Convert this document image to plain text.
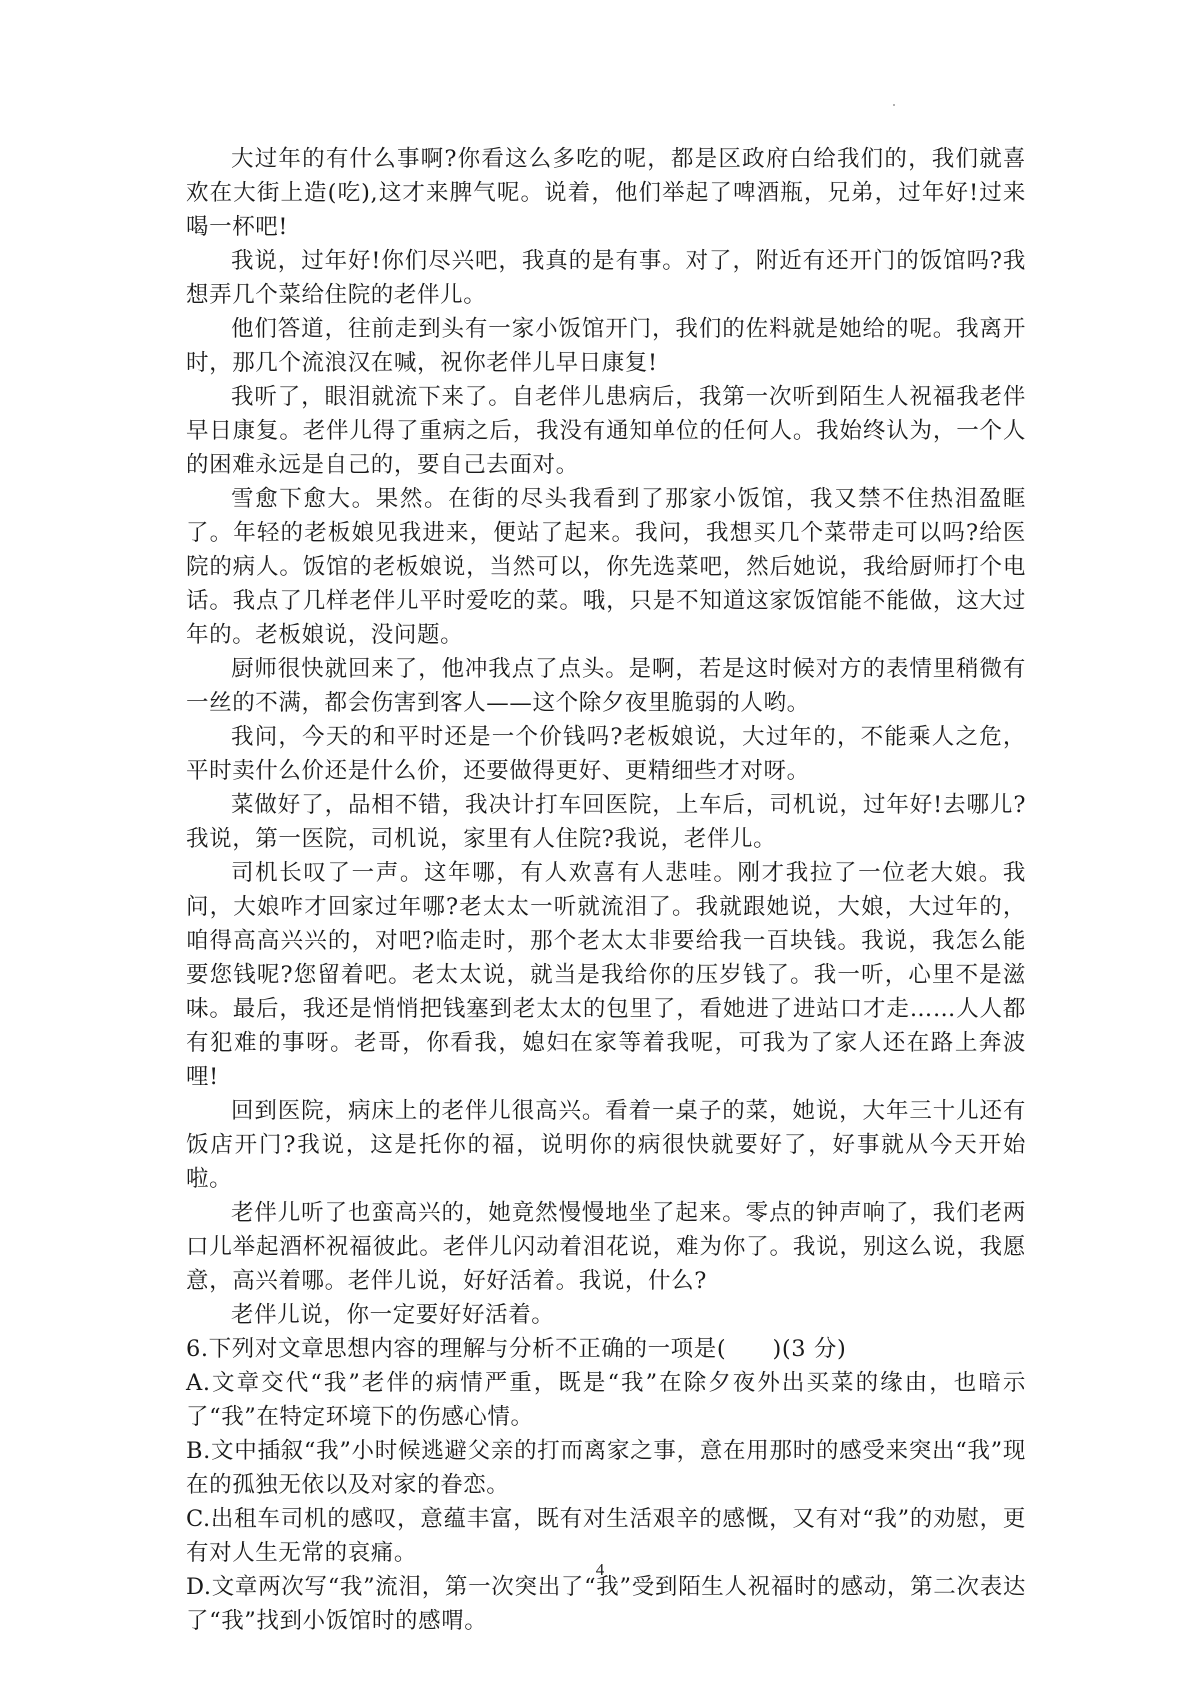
大过年的有什么事啊?你看这么多吃的呢，都是区政府白给我们的，我们就喜欢在大街上造(吃),这才来脾气呢。说着，他们举起了啤酒瓶，兄弟，过年好!过来喝一杯吧!

我说，过年好!你们尽兴吧，我真的是有事。对了，附近有还开门的饭馆吗?我想弄几个菜给住院的老伴儿。

他们答道，往前走到头有一家小饭馆开门，我们的佐料就是她给的呢。我离开时，那几个流浪汉在喊，祝你老伴儿早日康复!

我听了，眼泪就流下来了。自老伴儿患病后，我第一次听到陌生人祝福我老伴早日康复。老伴儿得了重病之后，我没有通知单位的任何人。我始终认为，一个人的困难永远是自己的，要自己去面对。

雪愈下愈大。果然。在街的尽头我看到了那家小饭馆，我又禁不住热泪盈眶了。年轻的老板娘见我进来，便站了起来。我问，我想买几个菜带走可以吗?给医院的病人。饭馆的老板娘说，当然可以，你先选菜吧，然后她说，我给厨师打个电话。我点了几样老伴儿平时爱吃的菜。哦，只是不知道这家饭馆能不能做，这大过年的。老板娘说，没问题。

厨师很快就回来了，他冲我点了点头。是啊，若是这时候对方的表情里稍微有一丝的不满，都会伤害到客人——这个除夕夜里脆弱的人哟。

我问，今天的和平时还是一个价钱吗?老板娘说，大过年的，不能乘人之危，平时卖什么价还是什么价，还要做得更好、更精细些才对呀。

菜做好了，品相不错，我决计打车回医院，上车后，司机说，过年好!去哪儿?我说，第一医院，司机说，家里有人住院?我说，老伴儿。

司机长叹了一声。这年哪，有人欢喜有人悲哇。刚才我拉了一位老大娘。我问，大娘咋才回家过年哪?老太太一听就流泪了。我就跟她说，大娘，大过年的，咱得高高兴兴的，对吧?临走时，那个老太太非要给我一百块钱。我说，我怎么能要您钱呢?您留着吧。老太太说，就当是我给你的压岁钱了。我一听，心里不是滋味。最后，我还是悄悄把钱塞到老太太的包里了，看她进了进站口才走……人人都有犯难的事呀。老哥，你看我，媳妇在家等着我呢，可我为了家人还在路上奔波哩!

回到医院，病床上的老伴儿很高兴。看着一桌子的菜，她说，大年三十儿还有饭店开门?我说，这是托你的福，说明你的病很快就要好了，好事就从今天开始啦。

老伴儿听了也蛮高兴的，她竟然慢慢地坐了起来。零点的钟声响了，我们老两口儿举起酒杯祝福彼此。老伴儿闪动着泪花说，难为你了。我说，别这么说，我愿意，高兴着哪。老伴儿说，好好活着。我说，什么?

老伴儿说，你一定要好好活着。

6.下列对文章思想内容的理解与分析不正确的一项是(　　)(3 分)

A.文章交代“我”老伴的病情严重，既是“我”在除夕夜外出买菜的缘由，也暗示了“我”在特定环境下的伤感心情。

B.文中插叙“我”小时候逃避父亲的打而离家之事，意在用那时的感受来突出“我”现在的孤独无依以及对家的眷恋。

C.出租车司机的感叹，意蕴丰富，既有对生活艰辛的感慨，又有对“我”的劝慰，更有对人生无常的哀痛。

D.文章两次写“我”流泪，第一次突出了“我”受到陌生人祝福时的感动，第二次表达了“我”找到小饭馆时的感喟。

4
